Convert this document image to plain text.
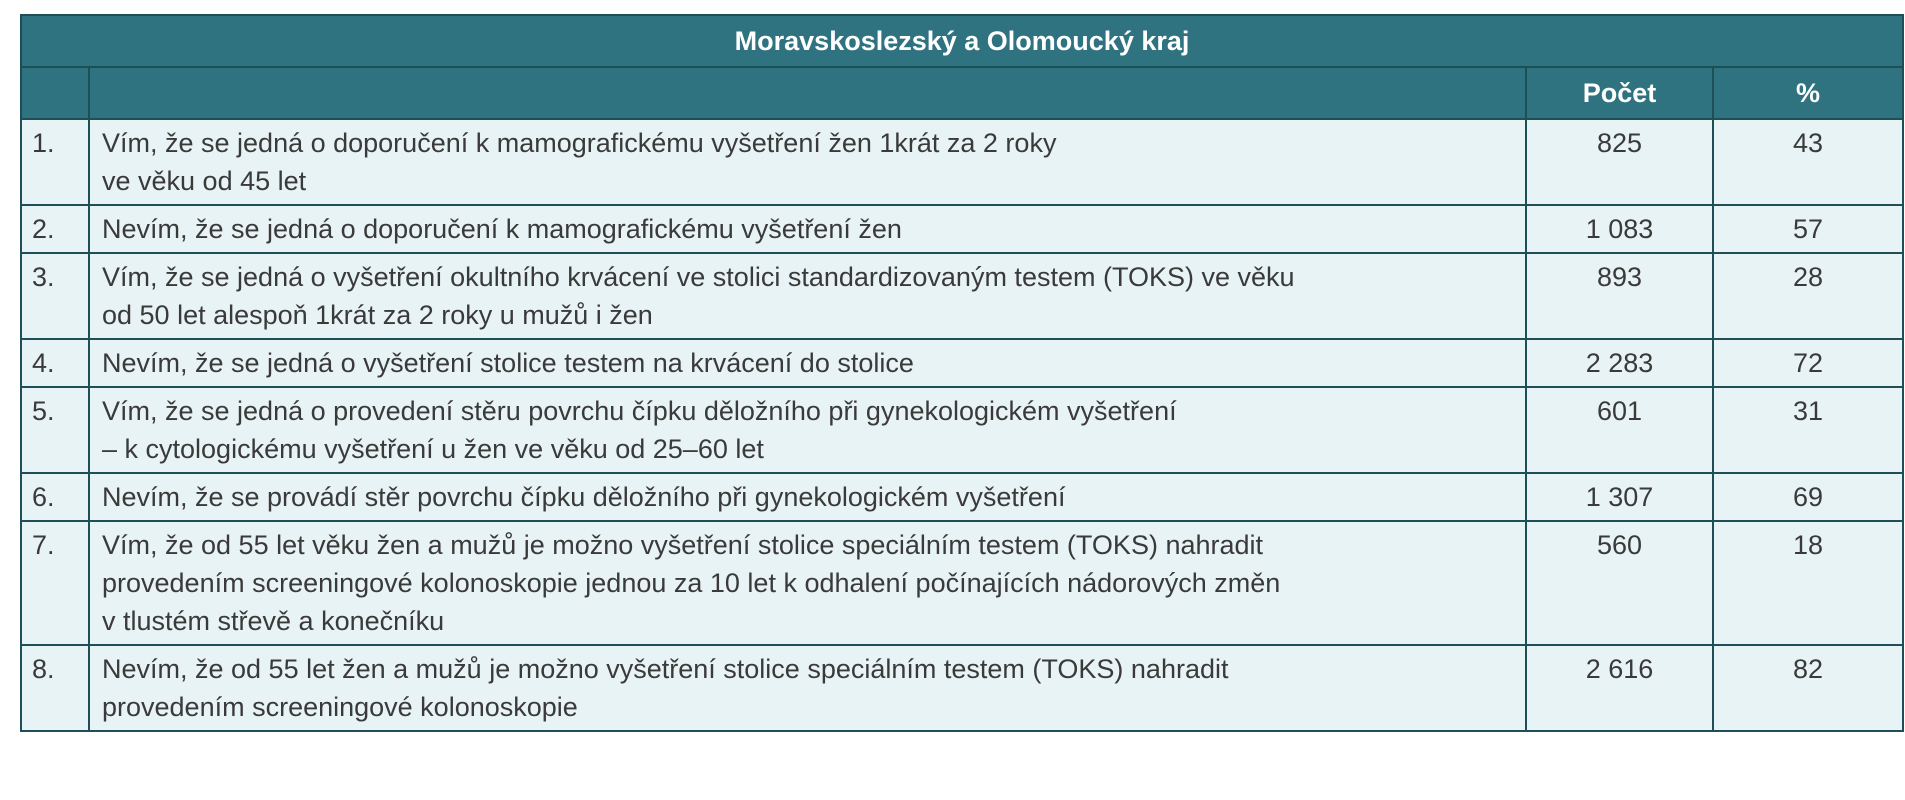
Moravskoslezský a Olomoucký kraj			
		Počet	%
1.	Vím, že se jedná o doporučení k mamografickému vyšetření žen 1krát za 2 roky
ve věku od 45 let	825	43
2.	Nevím, že se jedná o doporučení k mamografickému vyšetření žen	1 083	57
3.	Vím, že se jedná o vyšetření okultního krvácení ve stolici standardizovaným testem (TOKS) ve věku
od 50 let alespoň 1krát za 2 roky u mužů i žen	893	28
4.	Nevím, že se jedná o vyšetření stolice testem na krvácení do stolice	2 283	72
5.	Vím, že se jedná o provedení stěru povrchu čípku děložního při gynekologickém vyšetření
– k cytologickému vyšetření u žen ve věku od 25–60 let	601	31
6.	Nevím, že se provádí stěr povrchu čípku děložního při gynekologickém vyšetření	1 307	69
7.	Vím, že od 55 let věku žen a mužů je možno vyšetření stolice speciálním testem (TOKS) nahradit
provedením screeningové kolonoskopie jednou za 10 let k odhalení počínajících nádorových změn
v tlustém střevě a konečníku	560	18
8.	Nevím, že od 55 let žen a mužů je možno vyšetření stolice speciálním testem (TOKS) nahradit
provedením screeningové kolonoskopie	2 616	82
